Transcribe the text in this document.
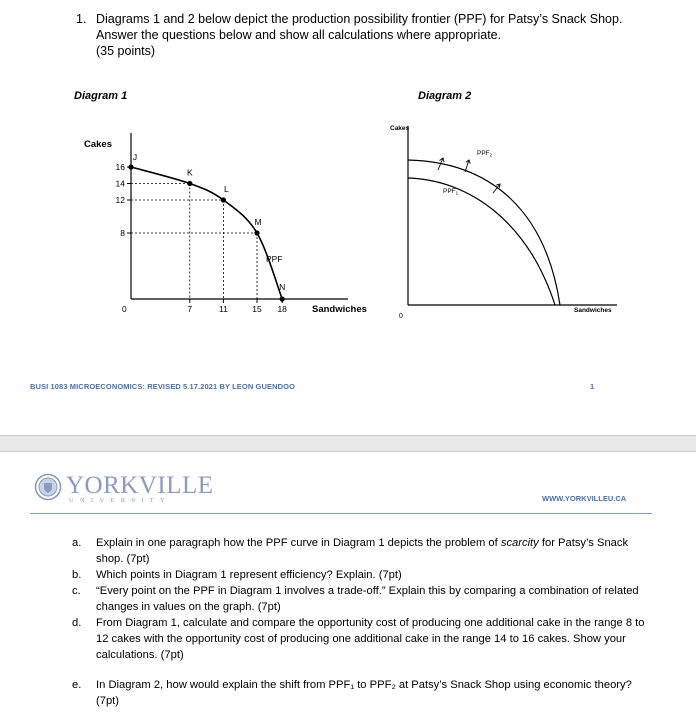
1. Diagrams 1 and 2 below depict the production possibility frontier (PPF) for Patsy’s Snack Shop.
Answer the questions below and show all calculations where appropriate.
(35 points)
Diagram 1	Diagram 2
Cakes
Sandwiches
0
16
14
12
8
7	11	15 18
J
K
L
M
N
PPF
Cakes
Sandwiches
0
$PPF_1$
$PPF_2$
BUSI 1083 MICROECONOMICS: REVISED 5.17.2021 BY LEON GUENDOO	1
YORKVILLE
UNIVERSITY	WWW.YORKVILLEU.CA
a. Explain in one paragraph how the PPF curve in Diagram 1 depicts the problem of scarcity for Patsy’s Snack shop. (7pt)
b. Which points in Diagram 1 represent efficiency? Explain. (7pt)
c. “Every point on the PPF in Diagram 1 involves a trade-off.” Explain this by comparing a combination of related changes in values on the graph. (7pt)
d. From Diagram 1, calculate and compare the opportunity cost of producing one additional cake in the range 8 to 12 cakes with the opportunity cost of producing one additional cake in the range 14 to 16 cakes. Show your calculations. (7pt)
e. In Diagram 2, how would explain the shift from PPF₁ to PPF₂ at Patsy’s Snack Shop using economic theory? (7pt)
